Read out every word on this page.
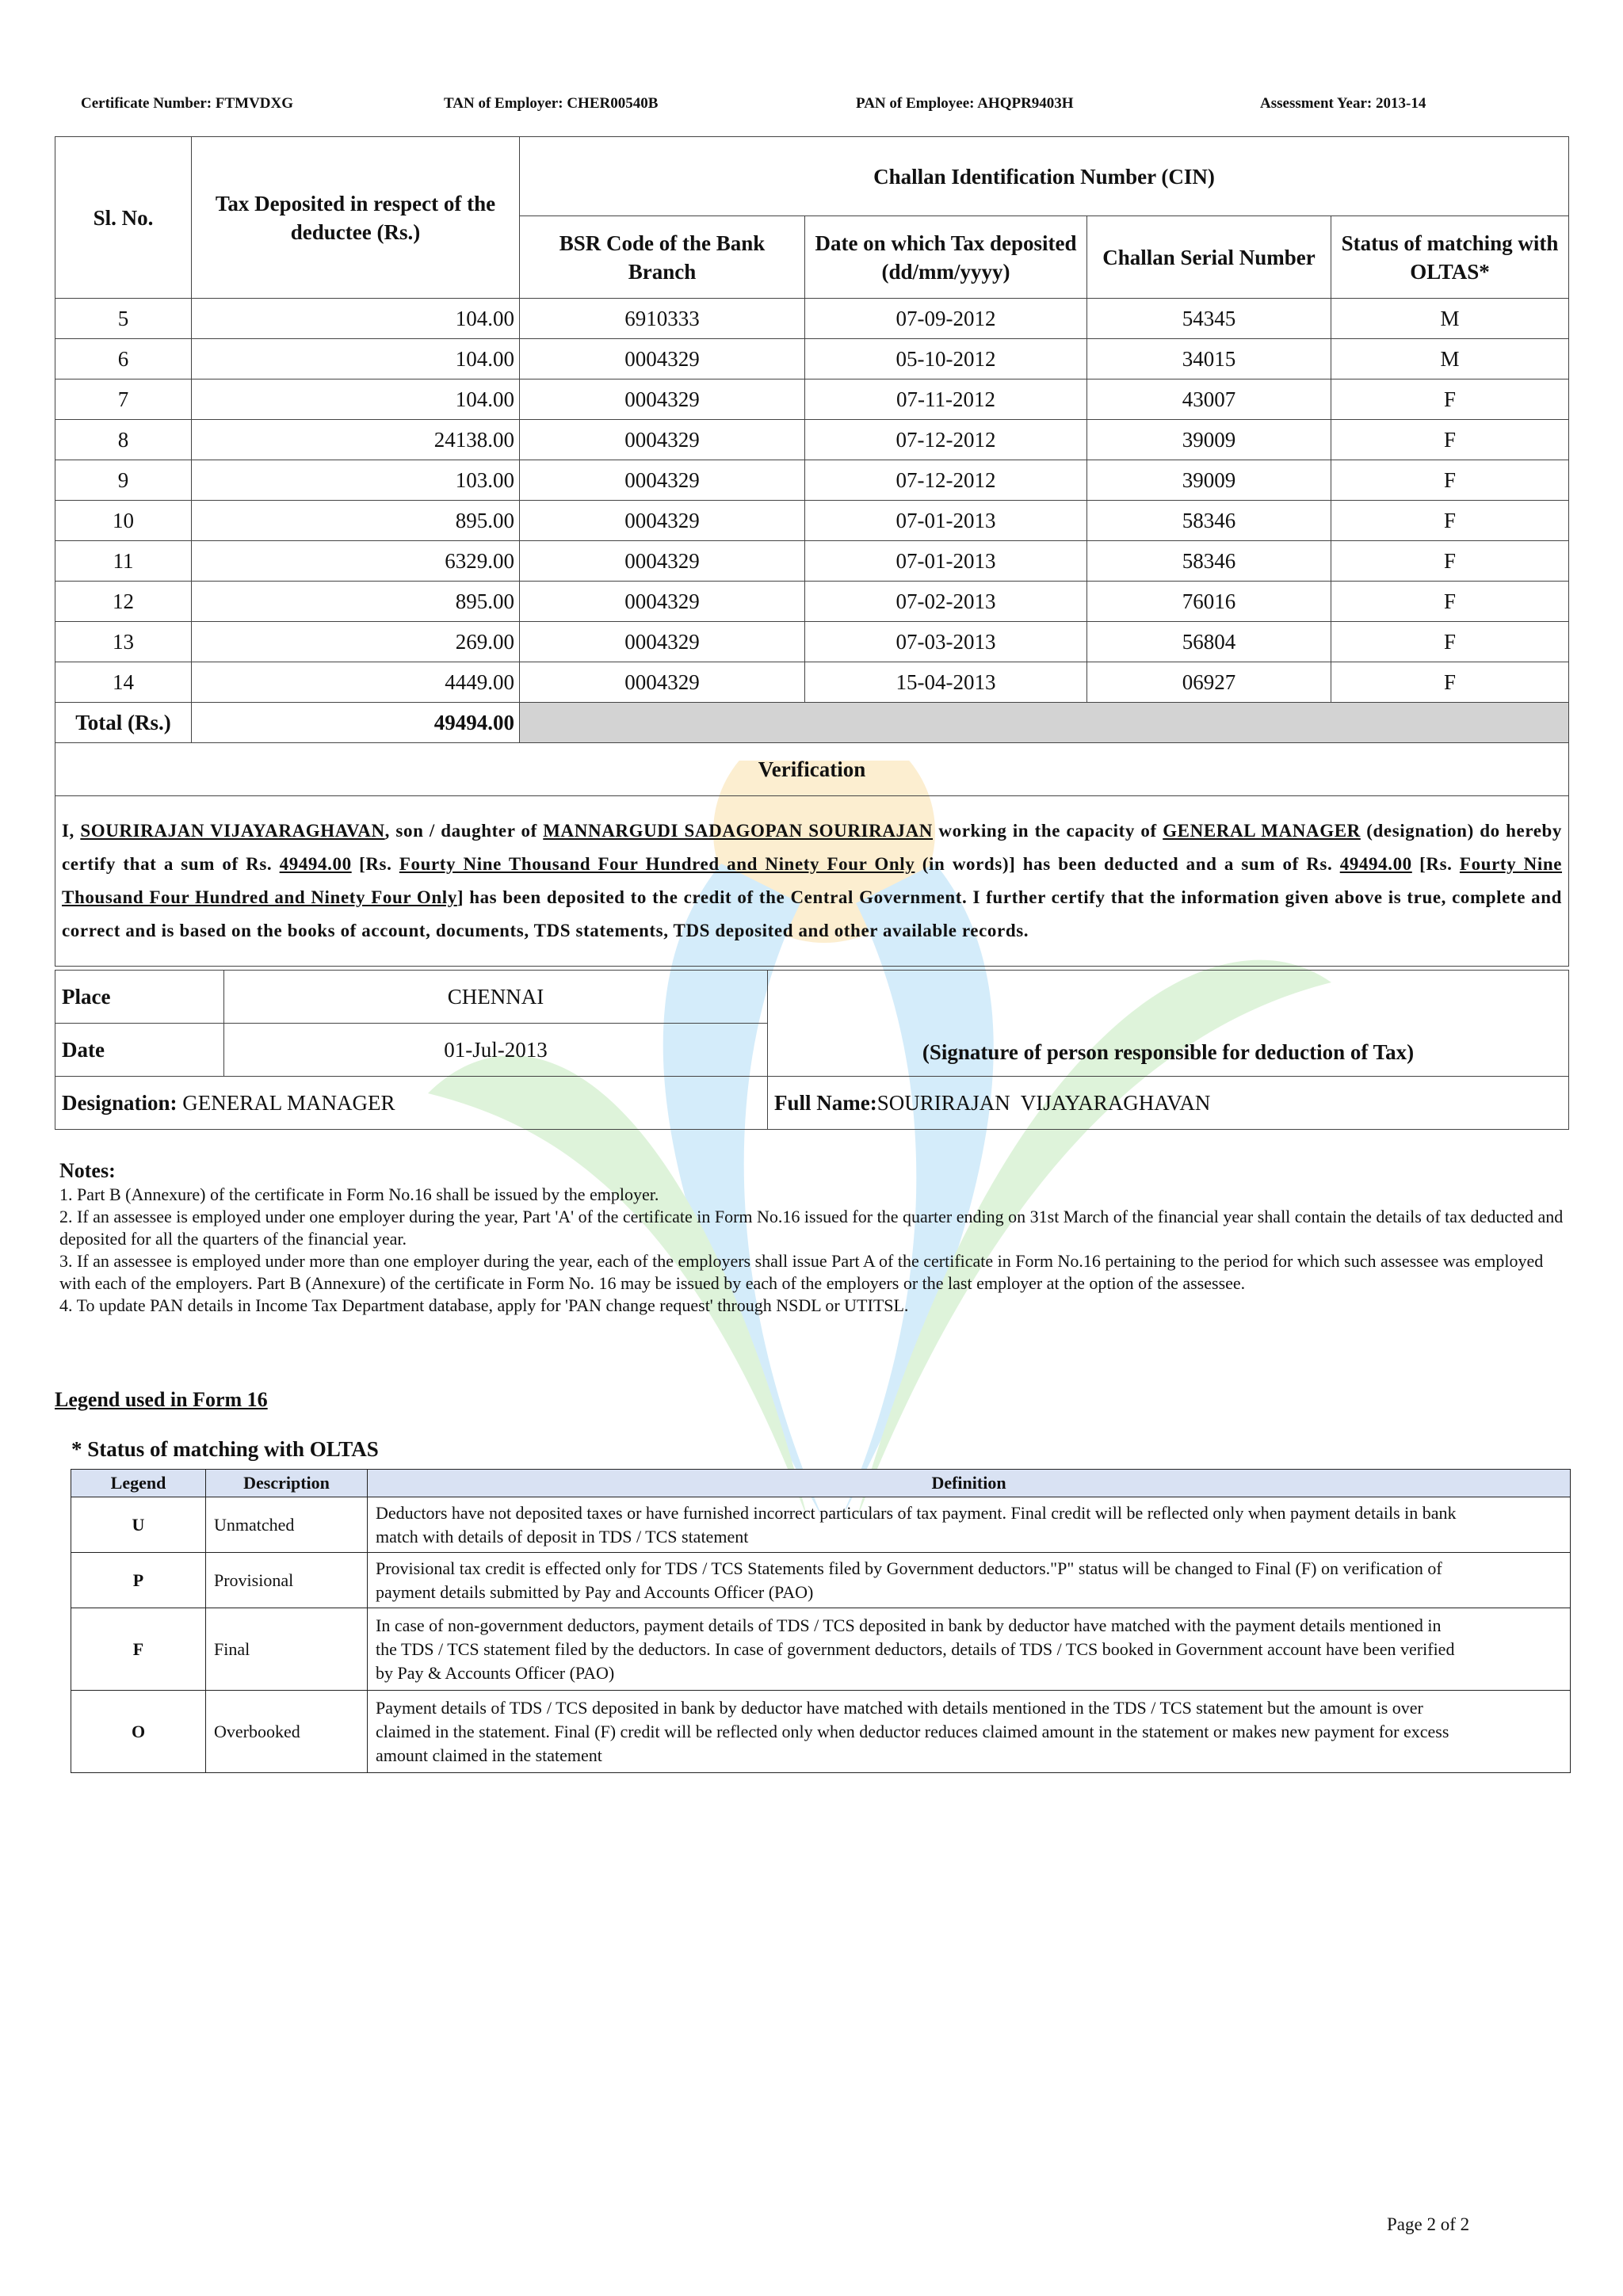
Certificate Number: FTMVDXG	TAN of Employer: CHER00540B	PAN of Employee: AHQPR9403H	Assessment Year: 2013-14
Sl. No.	Tax Deposited in respect of the deductee (Rs.)	Challan Identification Number (CIN)			

		BSR Code of the Bank Branch	Date on which Tax deposited (dd/mm/yyyy)	Challan Serial Number	Status of matching with OLTAS*
5	104.00	6910333	07-09-2012	54345	M
6	104.00	0004329	05-10-2012	34015	M
7	104.00	0004329	07-11-2012	43007	F
8	24138.00	0004329	07-12-2012	39009	F
9	103.00	0004329	07-12-2012	39009	F
10	895.00	0004329	07-01-2013	58346	F
11	6329.00	0004329	07-01-2013	58346	F
12	895.00	0004329	07-02-2013	76016	F
13	269.00	0004329	07-03-2013	56804	F
14	4449.00	0004329	15-04-2013	06927	F
Total (Rs.)	49494.00				
Verification					
I, SOURIRAJAN VIJAYARAGHAVAN, son / daughter of MANNARGUDI SADAGOPAN SOURIRAJAN working in the capacity of GENERAL MANAGER (designation) do hereby certify that a sum of Rs. 49494.00 [Rs. Fourty Nine Thousand Four Hundred and Ninety Four Only (in words)] has been deducted and a sum of Rs. 49494.00 [Rs. Fourty Nine Thousand Four Hundred and Ninety Four Only] has been deposited to the credit of the Central Government. I further certify that the information given above is true, complete and correct and is based on the books of account, documents, TDS statements, TDS deposited and other available records.					
Place	CHENNAI	(Signature of person responsible for deduction of Tax)
Date	01-Jul-2013	
Designation: GENERAL MANAGER		Full Name:SOURIRAJAN  VIJAYARAGHAVAN
Notes:
1. Part B (Annexure) of the certificate in Form No.16 shall be issued by the employer.
2. If an assessee is employed under one employer during the year, Part 'A' of the certificate in Form No.16 issued for the quarter ending on 31st March of the financial year shall contain the details of tax deducted and deposited for all the quarters of the financial year.
3. If an assessee is employed under more than one employer during the year, each of the employers shall issue Part A of the certificate in Form No.16 pertaining to the period for which such assessee was employed with each of the employers. Part B (Annexure) of the certificate in Form No. 16 may be issued by each of the employers or the last employer at the option of the assessee.
4. To update PAN details in Income Tax Department database, apply for 'PAN change request' through NSDL or UTITSL.
Legend used in Form 16
* Status of matching with OLTAS
Legend	Description	Definition
U	Unmatched	Deductors have not deposited taxes or have furnished incorrect particulars of tax payment. Final credit will be reflected only when payment details in bank match with details of deposit in TDS / TCS statement

P	Provisional	Provisional tax credit is effected only for TDS / TCS Statements filed by Government deductors."P" status will be changed to Final (F) on verification of payment details submitted by Pay and Accounts Officer (PAO)

F	Final	In case of non-government deductors, payment details of TDS / TCS deposited in bank by deductor have matched with the payment details mentioned in the TDS / TCS statement filed by the deductors. In case of government deductors, details of TDS / TCS booked in Government account have been verified by Pay & Accounts Officer (PAO)

O	Overbooked	Payment details of TDS / TCS deposited in bank by deductor have matched with details mentioned in the TDS / TCS statement but the amount is over claimed in the statement. Final (F) credit will be reflected only when deductor reduces claimed amount in the statement or makes new payment for excess amount claimed in the statement
Page 2 of 2
